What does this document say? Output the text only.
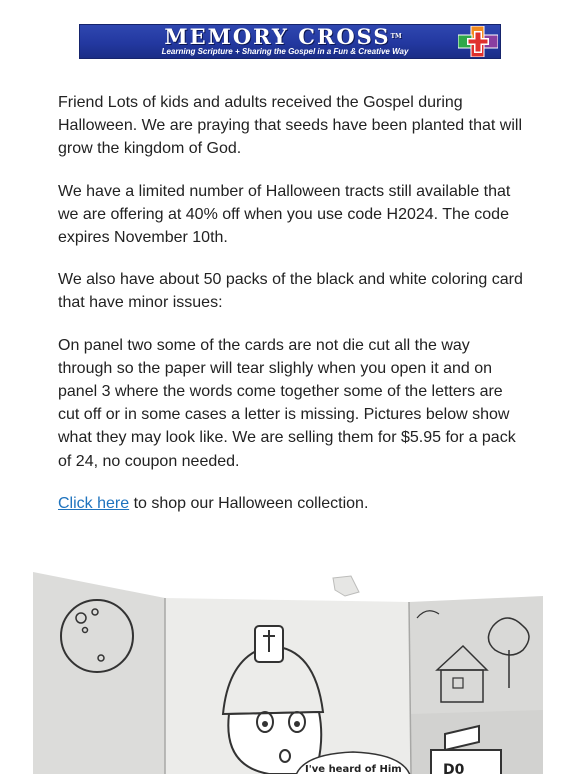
MEMORY CROSS™
Learning Scripture + Sharing the Gospel in a Fun & Creative Way

Friend Lots of kids and adults received the Gospel during Halloween. We are praying that seeds have been planted that will grow the kingdom of God.

We have a limited number of Halloween tracts still available that we are offering at 40% off when you use code H2024. The code expires November 10th.

We also have about 50 packs of the black and white coloring card that have minor issues:

On panel two some of the cards are not die cut all the way through so the paper will tear slighly when you open it and on panel 3 where the words come together some of the letters are cut off or in some cases a letter is missing. Pictures below show what they may look like. We are selling them for $5.95 for a pack of 24, no coupon needed.

Click here to shop our Halloween collection.

I've heard of Him	D0
